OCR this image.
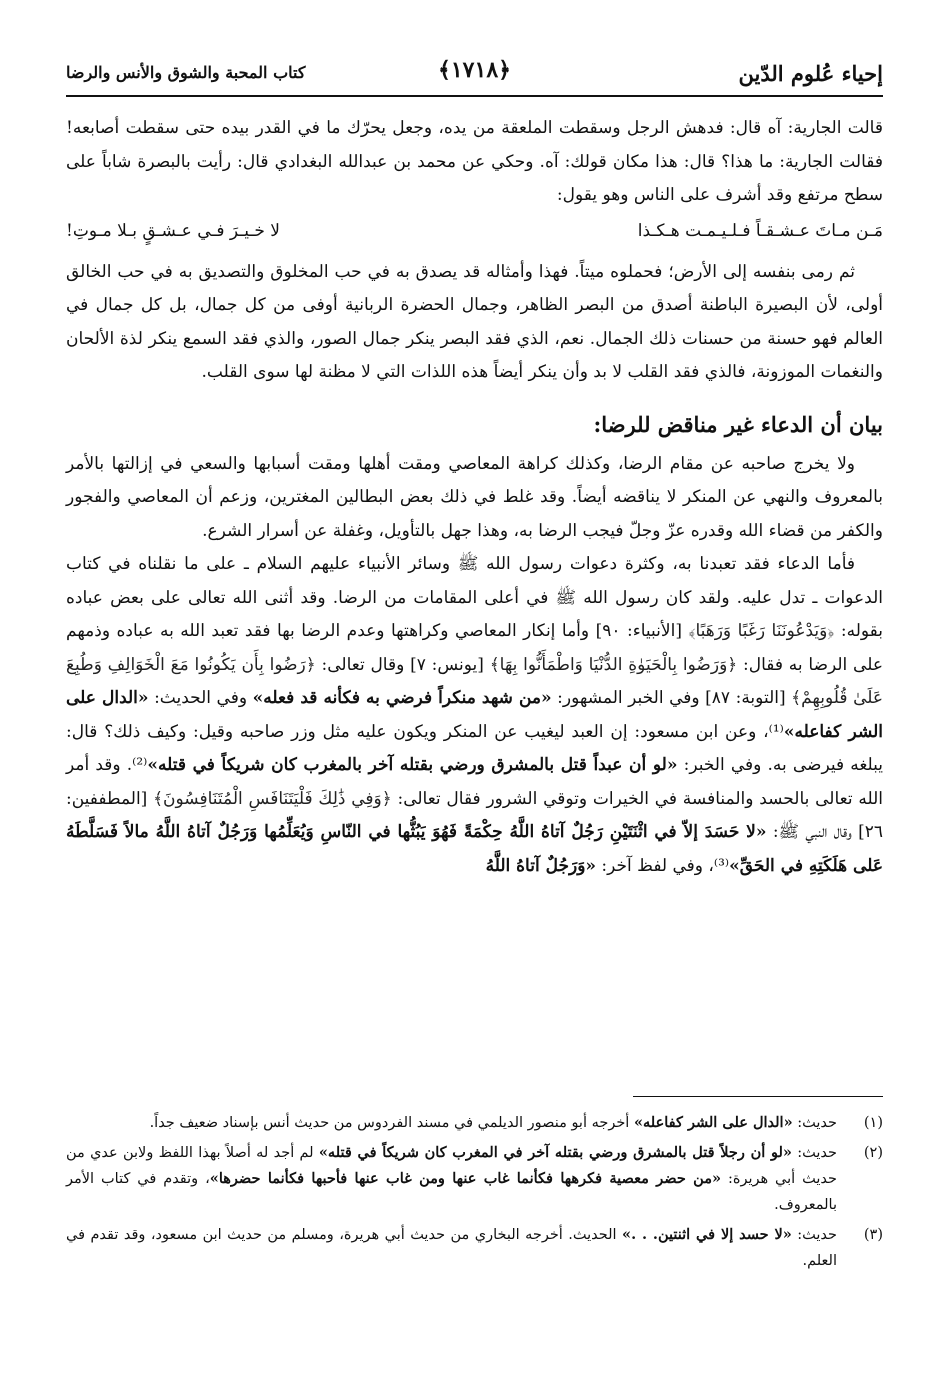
إحياء عُلوم الدّين
﴿١٧١٨﴾
كتاب المحبة والشوق والأنس والرضا

قالت الجارية: آه قال: فدهش الرجل وسقطت الملعقة من يده، وجعل يحرّك ما في القدر بيده حتى سقطت أصابعه! فقالت الجارية: ما هذا؟ قال: هذا مكان قولك: آه. وحكي عن محمد بن عبدالله البغدادي قال: رأيت بالبصرة شاباً على سطح مرتفع وقد أشرف على الناس وهو يقول:

مَـن مـاتَ عـشـقـاً فـلـيـمـت هـكـذا
لا خـيـرَ فـي عـشـقٍ بـلا مـوتِ!

ثم رمى بنفسه إلى الأرض؛ فحملوه ميتاً. فهذا وأمثاله قد يصدق به في حب المخلوق والتصديق به في حب الخالق أولى، لأن البصيرة الباطنة أصدق من البصر الظاهر، وجمال الحضرة الربانية أوفى من كل جمال، بل كل جمال في العالم فهو حسنة من حسنات ذلك الجمال. نعم، الذي فقد البصر ينكر جمال الصور، والذي فقد السمع ينكر لذة الألحان والنغمات الموزونة، فالذي فقد القلب لا بد وأن ينكر أيضاً هذه اللذات التي لا مظنة لها سوى القلب.

بيان أن الدعاء غير مناقض للرضا:

ولا يخرج صاحبه عن مقام الرضا، وكذلك كراهة المعاصي ومقت أهلها ومقت أسبابها والسعي في إزالتها بالأمر بالمعروف والنهي عن المنكر لا يناقضه أيضاً. وقد غلط في ذلك بعض البطالين المغترين، وزعم أن المعاصي والفجور والكفر من قضاء الله وقدره عزّ وجلّ فيجب الرضا به، وهذا جهل بالتأويل، وغفلة عن أسرار الشرع.

فأما الدعاء فقد تعبدنا به، وكثرة دعوات رسول الله ﷺ وسائر الأنبياء عليهم السلام ـ على ما نقلناه في كتاب الدعوات ـ تدل عليه. ولقد كان رسول الله ﷺ في أعلى المقامات من الرضا. وقد أثنى الله تعالى على بعض عباده بقوله: ﴿وَيَدْعُونَنَا رَغَبًا وَرَهَبًا﴾ [الأنبياء: ٩٠] وأما إنكار المعاصي وكراهتها وعدم الرضا بها فقد تعبد الله به عباده وذمهم على الرضا به فقال: ﴿وَرَضُوا بِالْحَيَوٰةِ الدُّنْيَا وَاطْمَأَنُّوا بِهَا﴾ [يونس: ٧] وقال تعالى: ﴿رَضُوا بِأَن يَكُونُوا مَعَ الْخَوَالِفِ وَطُبِعَ عَلَىٰ قُلُوبِهِمْ﴾ [التوبة: ٨٧] وفي الخبر المشهور: «من شهد منكراً فرضي به فكأنه قد فعله» وفي الحديث: «الدال على الشر كفاعله»⁽¹⁾، وعن ابن مسعود: إن العبد ليغيب عن المنكر ويكون عليه مثل وزر صاحبه وقيل: وكيف ذلك؟ قال: يبلغه فيرضى به. وفي الخبر: «لو أن عبداً قتل بالمشرق ورضي بقتله آخر بالمغرب كان شريكاً في قتله»⁽²⁾. وقد أمر الله تعالى بالحسد والمنافسة في الخيرات وتوقي الشرور فقال تعالى: ﴿وَفِي ذَٰلِكَ فَلْيَتَنَافَسِ الْمُتَنَافِسُونَ﴾ [المطففين: ٢٦] وقال النبي ﷺ: «لا حَسَدَ إلاّ في اثْنَتَيْنِ رَجُلٌ آتاهُ اللَّهُ حِكْمَةً فَهُوَ يَبُثُّها في النّاسِ وَيُعَلِّمُها وَرَجُلٌ آتاهُ اللَّهُ مالاً فَسَلَّطَهُ عَلى هَلَكَتِهِ في الحَقِّ»⁽³⁾، وفي لفظ آخر: «وَرَجُلٌ آتاهُ اللَّهُ

(١)
حديث: «الدال على الشر كفاعله» أخرجه أبو منصور الديلمي في مسند الفردوس من حديث أنس بإسناد ضعيف جداً.
(٢)
حديث: «لو أن رجلاً قتل بالمشرق ورضي بقتله آخر في المغرب كان شريكاً في قتله» لم أجد له أصلاً بهذا اللفظ ولابن عدي من حديث أبي هريرة: «من حضر معصية فكرهها فكأنما غاب عنها ومن غاب عنها فأحبها فكأنما حضرها»، وتقدم في كتاب الأمر بالمعروف.
(٣)
حديث: «لا حسد إلا في اثنتين. . .» الحديث. أخرجه البخاري من حديث أبي هريرة، ومسلم من حديث ابن مسعود، وقد تقدم في العلم.
